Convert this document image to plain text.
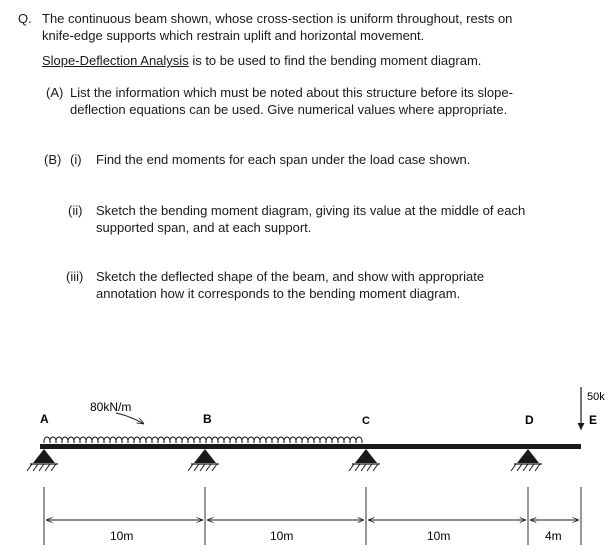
Q. The continuous beam shown, whose cross-section is uniform throughout, rests on
knife-edge supports which restrain uplift and horizontal movement.
Slope-Deflection Analysis is to be used to find the bending moment diagram.
(A) List the information which must be noted about this structure before its slope-
deflection equations can be used. Give numerical values where appropriate.
(B) (i) Find the end moments for each span under the load case shown.
(ii) Sketch the bending moment diagram, giving its value at the middle of each
supported span, and at each support.
(iii) Sketch the deflected shape of the beam, and show with appropriate
annotation how it corresponds to the bending moment diagram.
80kN/m
50k
A	B	C	D	E
10m	10m	10m	4m
